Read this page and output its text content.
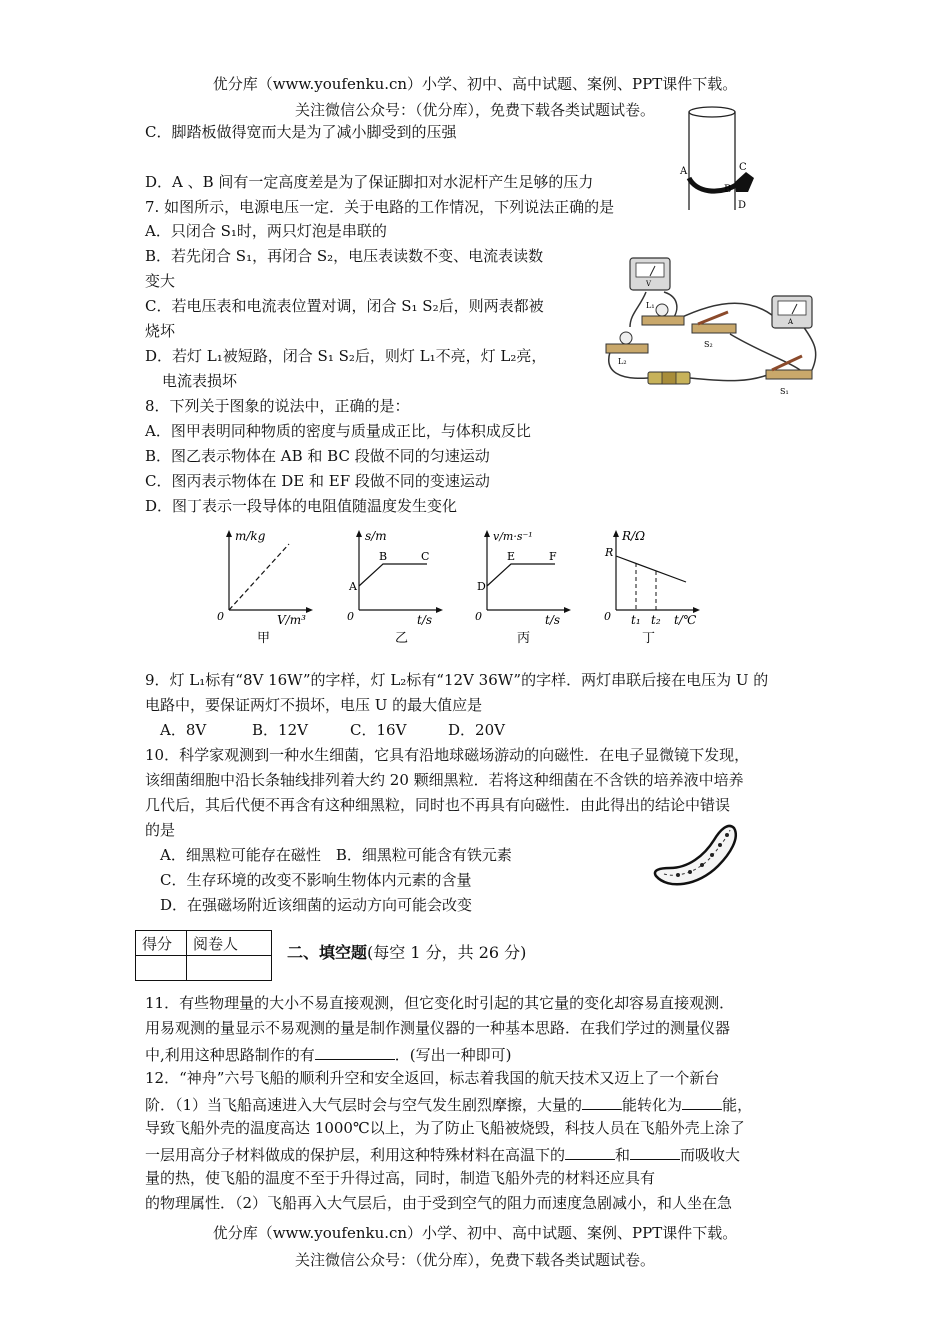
优分库（www.youfenku.cn）小学、初中、高中试题、案例、PPT课件下载。
关注微信公众号：（优分库），免费下载各类试题试卷。
C．脚踏板做得宽而大是为了减小脚受到的压强
D．A 、B 间有一定高度差是为了保证脚扣对水泥杆产生足够的压力
A
B
C
D
7. 如图所示，电源电压一定．关于电路的工作情况，下列说法正确的是
A．只闭合 S₁时，两只灯泡是串联的
B．若先闭合 S₁，再闭合 S₂，电压表读数不变、电流表读数
变大
C．若电压表和电流表位置对调，闭合 S₁ S₂后，则两表都被
烧坏
D．若灯 L₁被短路，闭合 S₁ S₂后，则灯 L₁不亮，灯 L₂亮，
电流表损坏
V
L₁
S₂
L₂
A
S₁
8．下列关于图象的说法中，正确的是：
A．图甲表明同种物质的密度与质量成正比，与体积成反比
B．图乙表示物体在 AB 和 BC 段做不同的匀速运动
C．图丙表示物体在 DE 和 EF 段做不同的变速运动
D．图丁表示一段导体的电阻值随温度发生变化
m/kg
V/m³
0
甲
s/m
A
B	C
t/s
0
乙
v/m·s⁻¹
D
E	F
t/s
0
丙
R/Ω
R
t₁ t₂ t/℃
0
丁
9．灯 L₁标有“8V 16W”的字样，灯 L₂标有“12V 36W”的字样．两灯串联后接在电压为 U 的
电路中，要保证两灯不损坏，电压 U 的最大值应是
A．8V	B．12V	C．16V	D．20V
10．科学家观测到一种水生细菌，它具有沿地球磁场游动的向磁性．在电子显微镜下发现，
该细菌细胞中沿长条轴线排列着大约 20 颗细黑粒．若将这种细菌在不含铁的培养液中培养
几代后，其后代便不再含有这种细黑粒，同时也不再具有向磁性．由此得出的结论中错误
的是
A．细黑粒可能存在磁性　B．细黑粒可能含有铁元素
C．生存环境的改变不影响生物体内元素的含量
D．在强磁场附近该细菌的运动方向可能会改变
得分	阅卷人
		二、填空题(每空 1 分，共 26 分)
11．有些物理量的大小不易直接观测，但它变化时引起的其它量的变化却容易直接观测．
用易观测的量显示不易观测的量是制作测量仪器的一种基本思路．在我们学过的测量仪器
中,利用这种思路制作的有	．(写出一种即可)
12．“神舟”六号飞船的顺利升空和安全返回，标志着我国的航天技术又迈上了一个新台
阶．（1）当飞船高速进入大气层时会与空气发生剧烈摩擦，大量的	能转化为	能，
导致飞船外壳的温度高达 1000℃以上，为了防止飞船被烧毁，科技人员在飞船外壳上涂了
一层用高分子材料做成的保护层，利用这种特殊材料在高温下的	和	而吸收大
量的热，使飞船的温度不至于升得过高，同时，制造飞船外壳的材料还应具有
的物理属性．（2）飞船再入大气层后，由于受到空气的阻力而速度急剧减小，和人坐在急
优分库（www.youfenku.cn）小学、初中、高中试题、案例、PPT课件下载。
关注微信公众号：（优分库），免费下载各类试题试卷。
